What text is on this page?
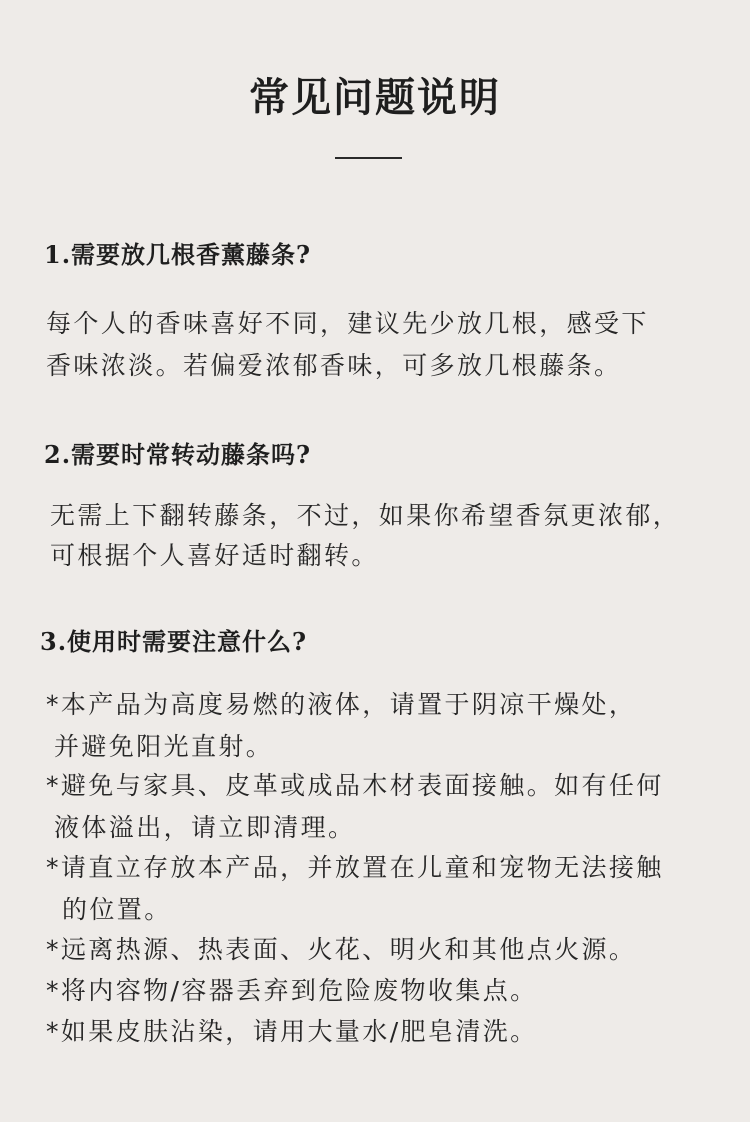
常见问题说明
1.需要放几根香薰藤条?

每个人的香味喜好不同，建议先少放几根，感受下

香味浓淡。若偏爱浓郁香味，可多放几根藤条。

2.需要时常转动藤条吗?

无需上下翻转藤条，不过，如果你希望香氛更浓郁，

可根据个人喜好适时翻转。

3.使用时需要注意什么?

*本产品为高度易燃的液体，请置于阴凉干燥处，

并避免阳光直射。

*避免与家具、皮革或成品木材表面接触。如有任何

液体溢出，请立即清理。

*请直立存放本产品，并放置在儿童和宠物无法接触

的位置。

*远离热源、热表面、火花、明火和其他点火源。

*将内容物/容器丢弃到危险废物收集点。

*如果皮肤沾染，请用大量水/肥皂清洗。
